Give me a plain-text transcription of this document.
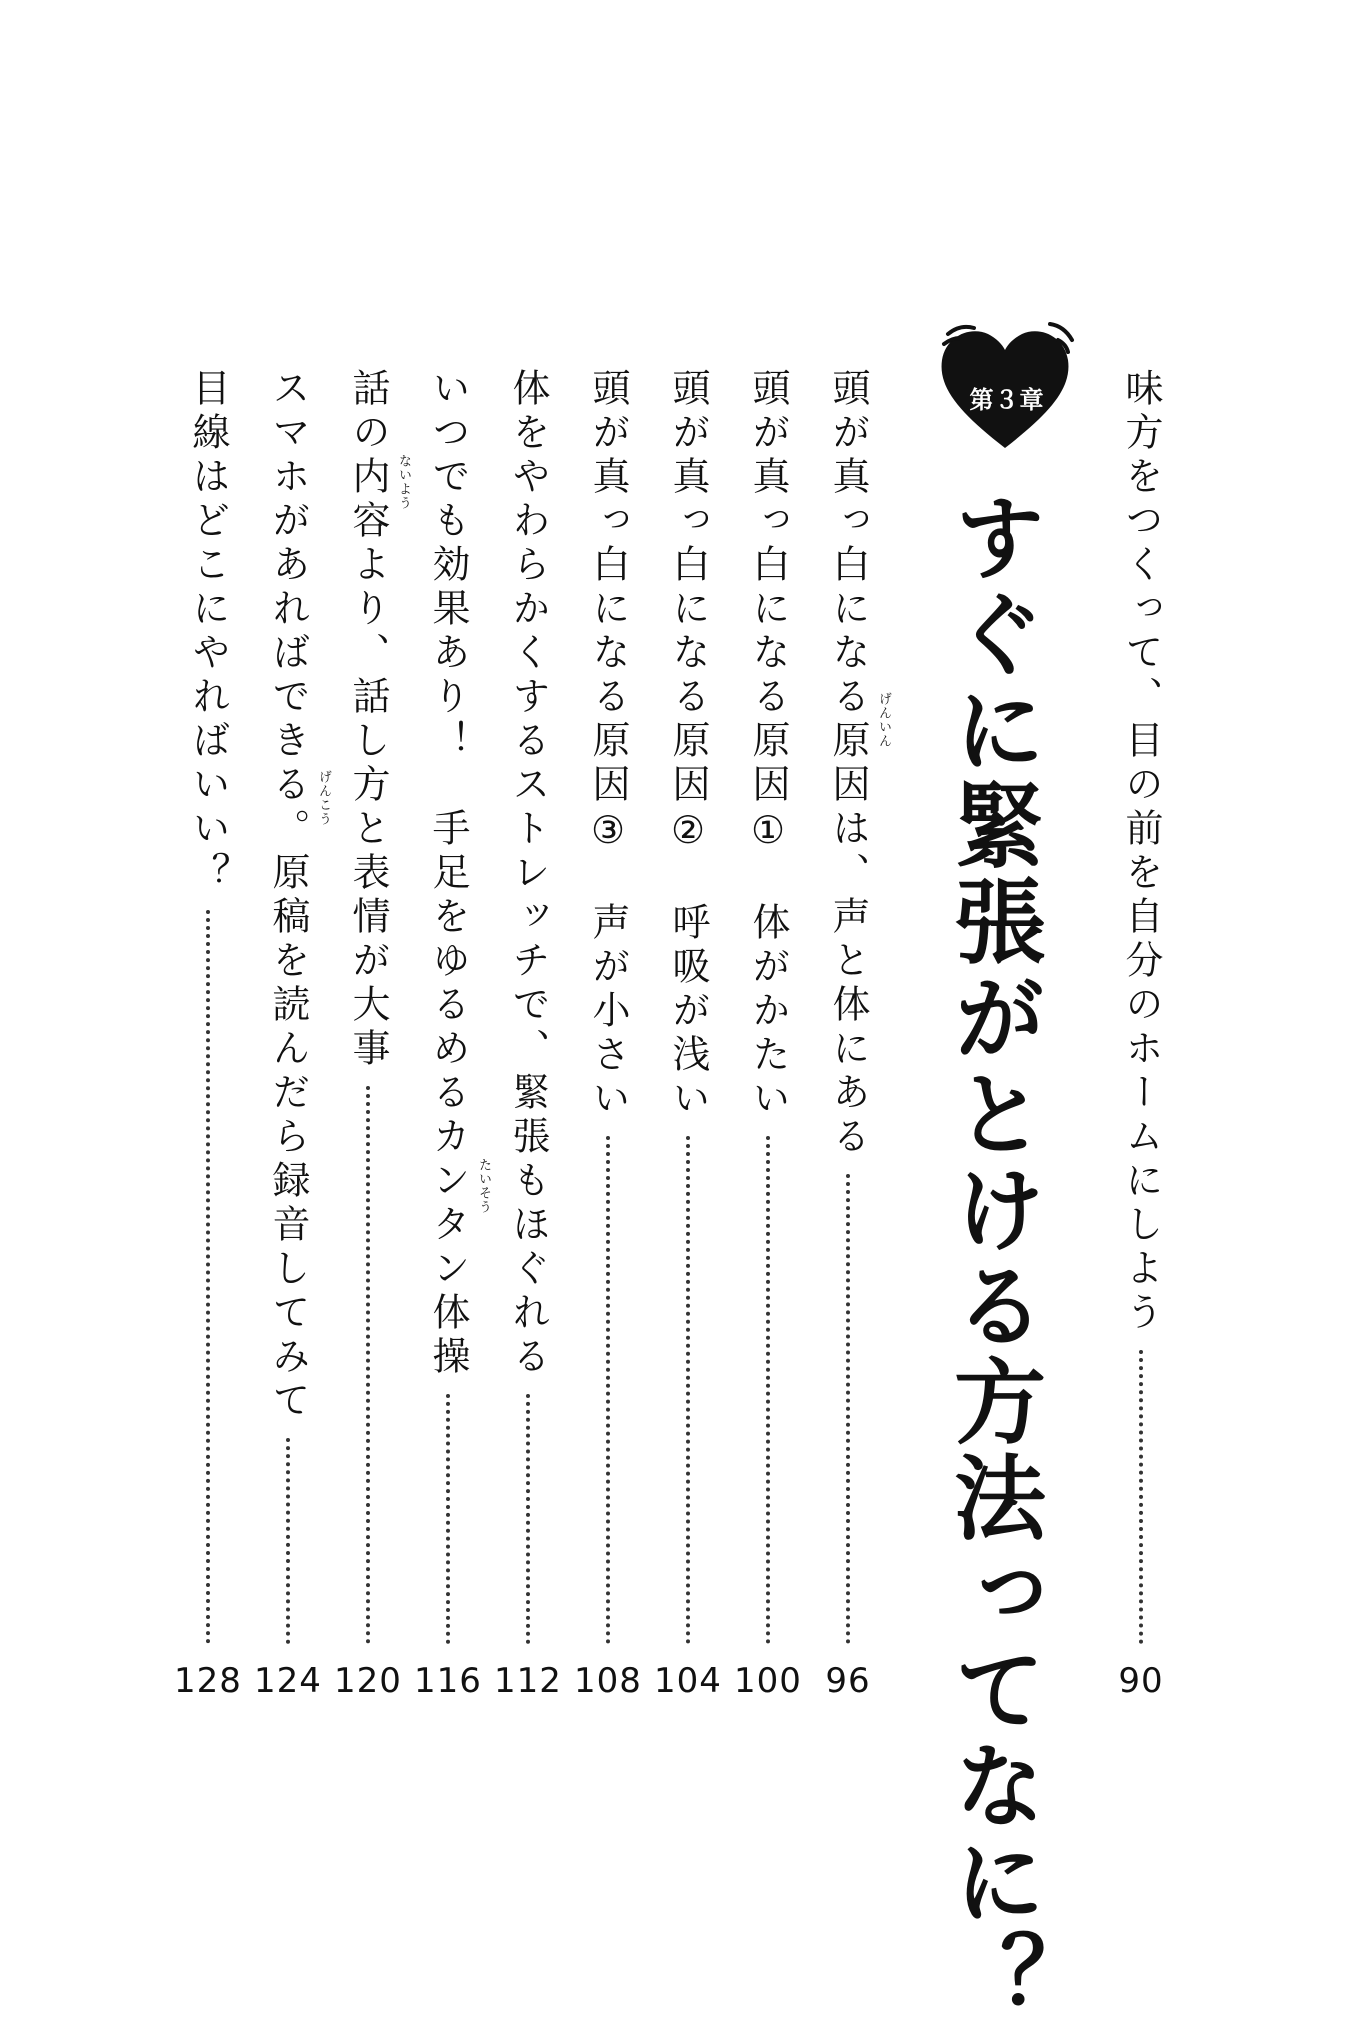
味方をつくって、目の前を自分のホームにしよう
90
第３章
すぐに緊張がとける方法ってなに？
頭が真っ白になる原因は、声と体にある
96
げんいん
頭が真っ白になる原因①　体がかたい
100
頭が真っ白になる原因②　呼吸が浅い
104
頭が真っ白になる原因③　声が小さい
108
体をやわらかくするストレッチで、緊張もほぐれる
112
いつでも効果あり！　手足をゆるめるカンタン体操
116
たいそう
話の内容より、話し方と表情が大事
120
ないよう
スマホがあればできる。原稿を読んだら録音してみて
124
げんこう
目線はどこにやればいい？
128
